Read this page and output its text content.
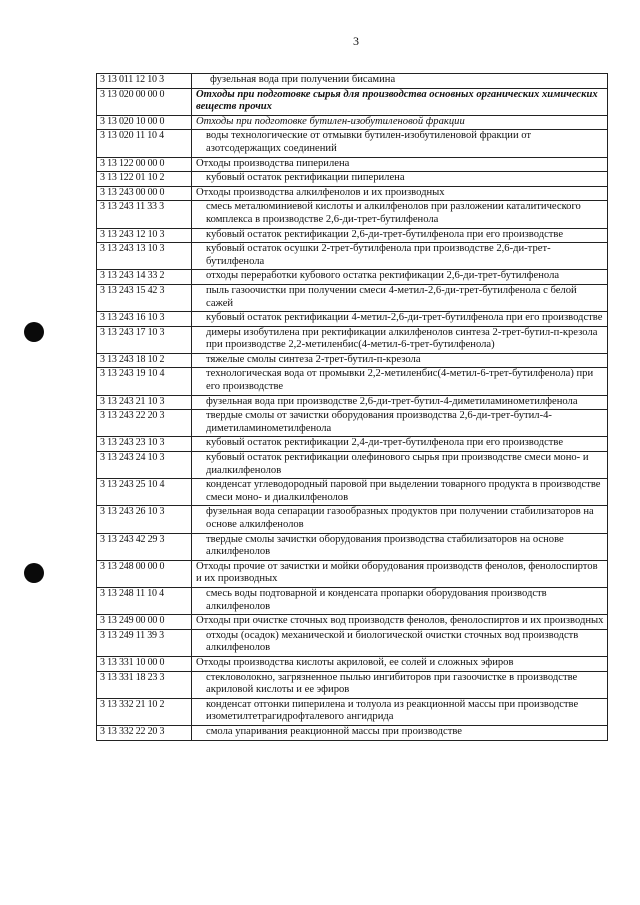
3
3 13 011 12 10 3	фузельная вода при получении бисамина
3 13 020 00 00 0	Отходы при подготовке сырья для производства основных органических химических веществ прочих
3 13 020 10 00 0	Отходы при подготовке бутилен-изобутиленовой фракции
3 13 020 11 10 4	воды технологические от отмывки бутилен-изобутиленовой фракции от азотсодержащих соединений
3 13 122 00 00 0	Отходы производства пиперилена
3 13 122 01 10 2	кубовый остаток ректификации пиперилена
3 13 243 00 00 0	Отходы производства алкилфенолов и их производных
3 13 243 11 33 3	смесь металюминиевой кислоты и алкилфенолов при разложении каталитического комплекса в производстве 2,6-ди-трет-бутилфенола
3 13 243 12 10 3	кубовый остаток ректификации 2,6-ди-трет-бутилфенола при его производстве
3 13 243 13 10 3	кубовый остаток осушки 2-трет-бутилфенола при производстве 2,6-ди-трет-бутилфенола
3 13 243 14 33 2	отходы переработки кубового остатка ректификации 2,6-ди-трет-бутилфенола
3 13 243 15 42 3	пыль газоочистки при получении смеси 4-метил-2,6-ди-трет-бутилфенола с белой сажей
3 13 243 16 10 3	кубовый остаток ректификации 4-метил-2,6-ди-трет-бутилфенола при его производстве
3 13 243 17 10 3	димеры изобутилена при ректификации алкилфенолов синтеза 2-трет-бутил-п-крезола при производстве 2,2-метиленбис(4-метил-6-трет-бутилфенола)
3 13 243 18 10 2	тяжелые смолы синтеза 2-трет-бутил-п-крезола
3 13 243 19 10 4	технологическая вода от промывки 2,2-метиленбис(4-метил-6-трет-бутилфенола) при его производстве
3 13 243 21 10 3	фузельная вода при производстве 2,6-ди-трет-бутил-4-диметиламинометилфенола
3 13 243 22 20 3	твердые смолы от зачистки оборудования производства 2,6-ди-трет-бутил-4-диметиламинометилфенола
3 13 243 23 10 3	кубовый остаток ректификации 2,4-ди-трет-бутилфенола при его производстве
3 13 243 24 10 3	кубовый остаток ректификации олефинового сырья при производстве смеси моно- и диалкилфенолов
3 13 243 25 10 4	конденсат углеводородный паровой при выделении товарного продукта в производстве смеси моно- и диалкилфенолов
3 13 243 26 10 3	фузельная вода сепарации газообразных продуктов при получении стабилизаторов на основе алкилфенолов
3 13 243 42 29 3	твердые смолы зачистки оборудования производства стабилизаторов на основе алкилфенолов
3 13 248 00 00 0	Отходы прочие от зачистки и мойки оборудования производств фенолов, фенолоспиртов и их производных
3 13 248 11 10 4	смесь воды подтоварной и конденсата пропарки оборудования производств алкилфенолов
3 13 249 00 00 0	Отходы при очистке сточных вод производств фенолов, фенолоспиртов и их производных
3 13 249 11 39 3	отходы (осадок) механической и биологической очистки сточных вод производств алкилфенолов
3 13 331 10 00 0	Отходы производства кислоты акриловой, ее солей и сложных эфиров
3 13 331 18 23 3	стекловолокно, загрязненное пылью ингибиторов при газоочистке в производстве акриловой кислоты и ее эфиров
3 13 332 21 10 2	конденсат отгонки пиперилена и толуола из реакционной массы при производстве изометилтетрагидрофталевого ангидрида
3 13 332 22 20 3	смола упаривания реакционной массы при производстве
